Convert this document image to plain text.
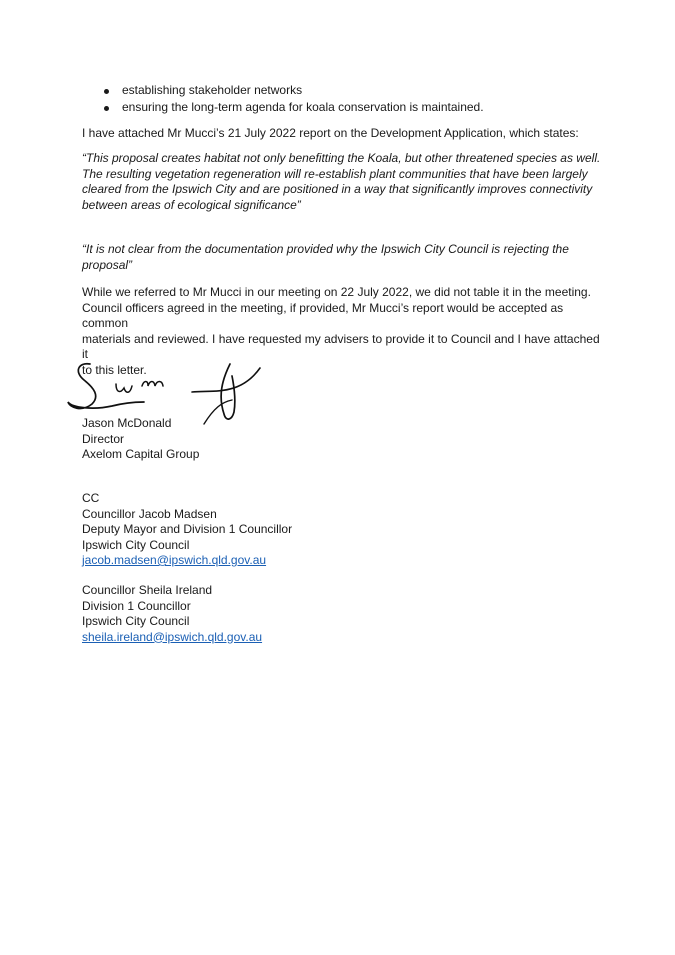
establishing stakeholder networks
ensuring the long-term agenda for koala conservation is maintained.

I have attached Mr Mucci’s 21 July 2022 report on the Development Application, which states:

“This proposal creates habitat not only benefitting the Koala, but other threatened species as well.
The resulting vegetation regeneration will re-establish plant communities that have been largely
cleared from the Ipswich City and are positioned in a way that significantly improves connectivity
between areas of ecological significance”
“It is not clear from the documentation provided why the Ipswich City Council is rejecting the
proposal”
While we referred to Mr Mucci in our meeting on 22 July 2022, we did not table it in the meeting.
Council officers agreed in the meeting, if provided, Mr Mucci’s report would be accepted as common
materials and reviewed. I have requested my advisers to provide it to Council and I have attached it
to this letter.
Jason McDonald
Director
Axelom Capital Group
CC
Councillor Jacob Madsen
Deputy Mayor and Division 1 Councillor
Ipswich City Council
jacob.madsen@ipswich.qld.gov.au
Councillor Sheila Ireland
Division 1 Councillor
Ipswich City Council
sheila.ireland@ipswich.qld.gov.au
